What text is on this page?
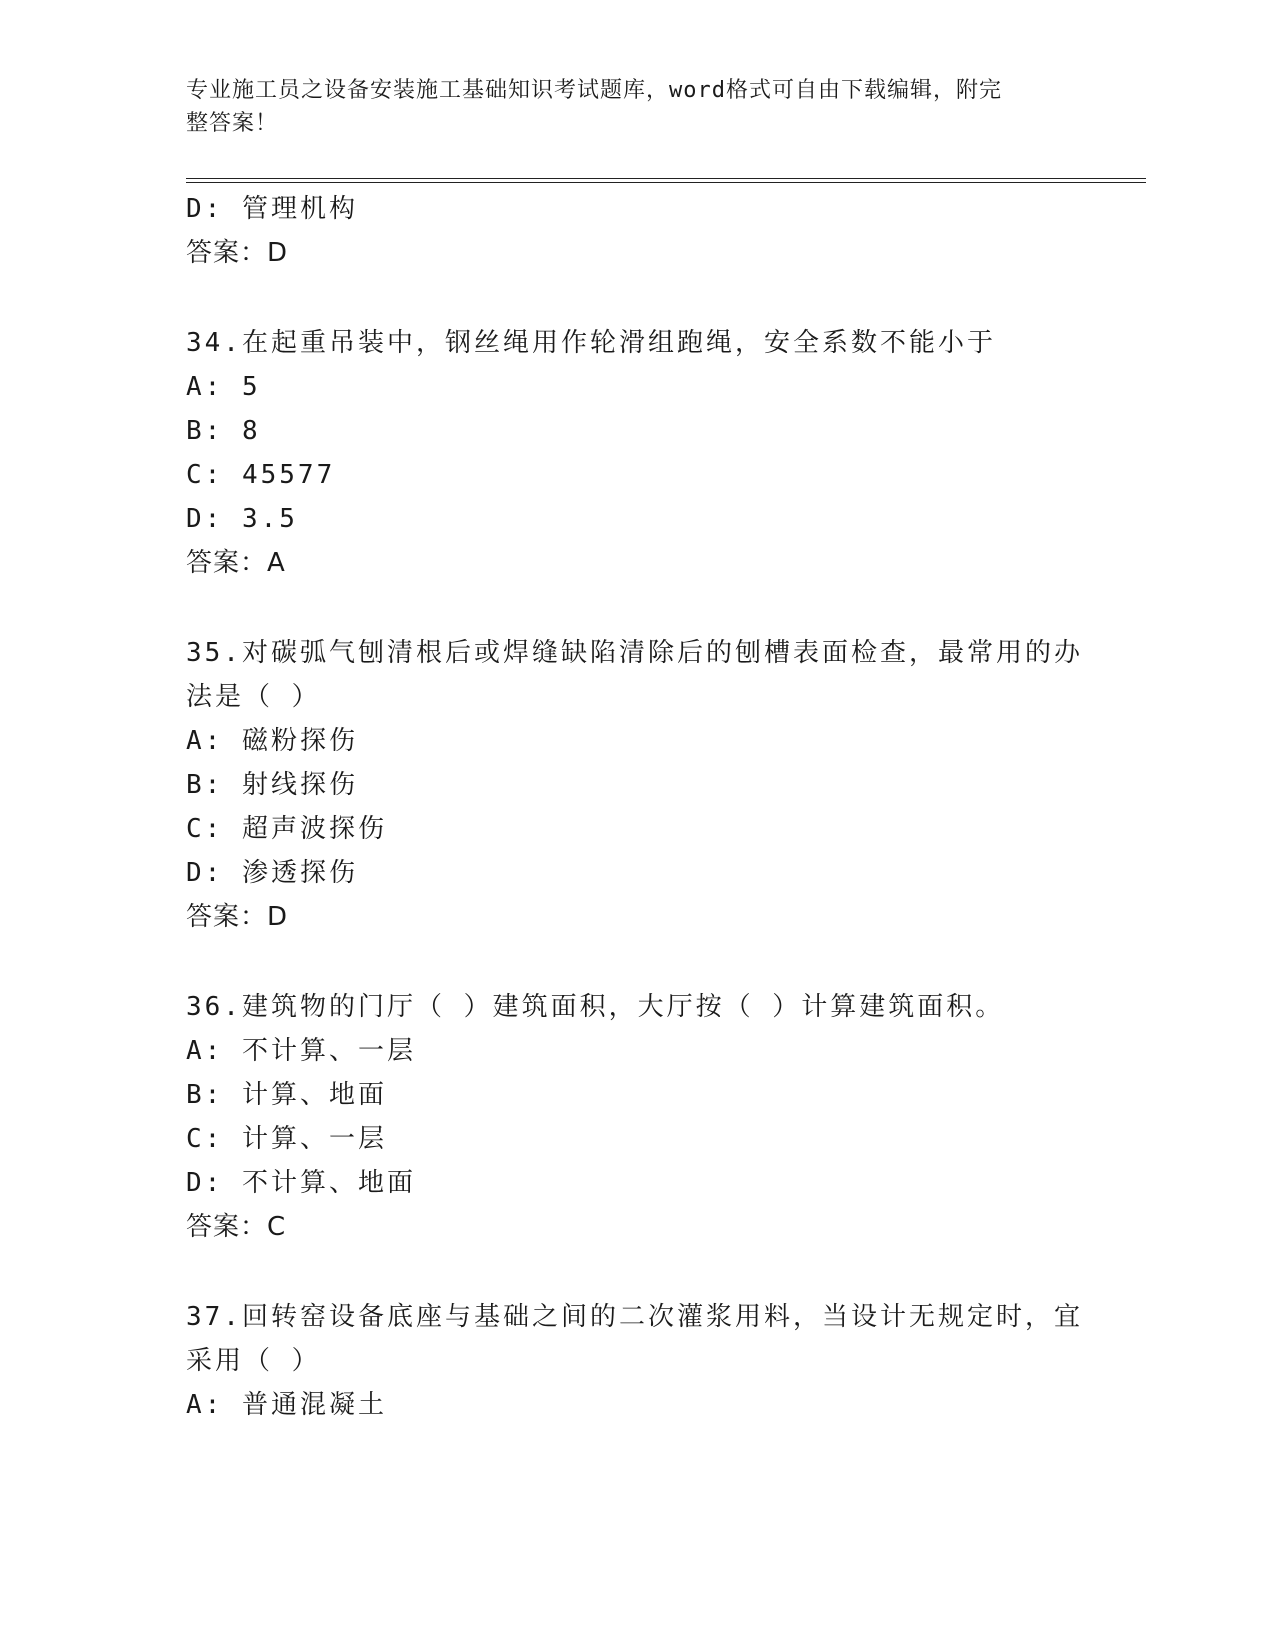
专业施工员之设备安装施工基础知识考试题库，word格式可自由下载编辑，附完
整答案！
D: 管理机构
答案：D
34.在起重吊装中，钢丝绳用作轮滑组跑绳，安全系数不能小于
A: 5
B: 8
C: 45577
D: 3.5
答案：A
35.对碳弧气刨清根后或焊缝缺陷清除后的刨槽表面检查，最常用的办
法是（ ）
A: 磁粉探伤
B: 射线探伤
C: 超声波探伤
D: 渗透探伤
答案：D
36.建筑物的门厅（ ）建筑面积，大厅按（ ）计算建筑面积。
A: 不计算、一层
B: 计算、地面
C: 计算、一层
D: 不计算、地面
答案：C
37.回转窑设备底座与基础之间的二次灌浆用料，当设计无规定时，宜
采用（ ）
A: 普通混凝土
